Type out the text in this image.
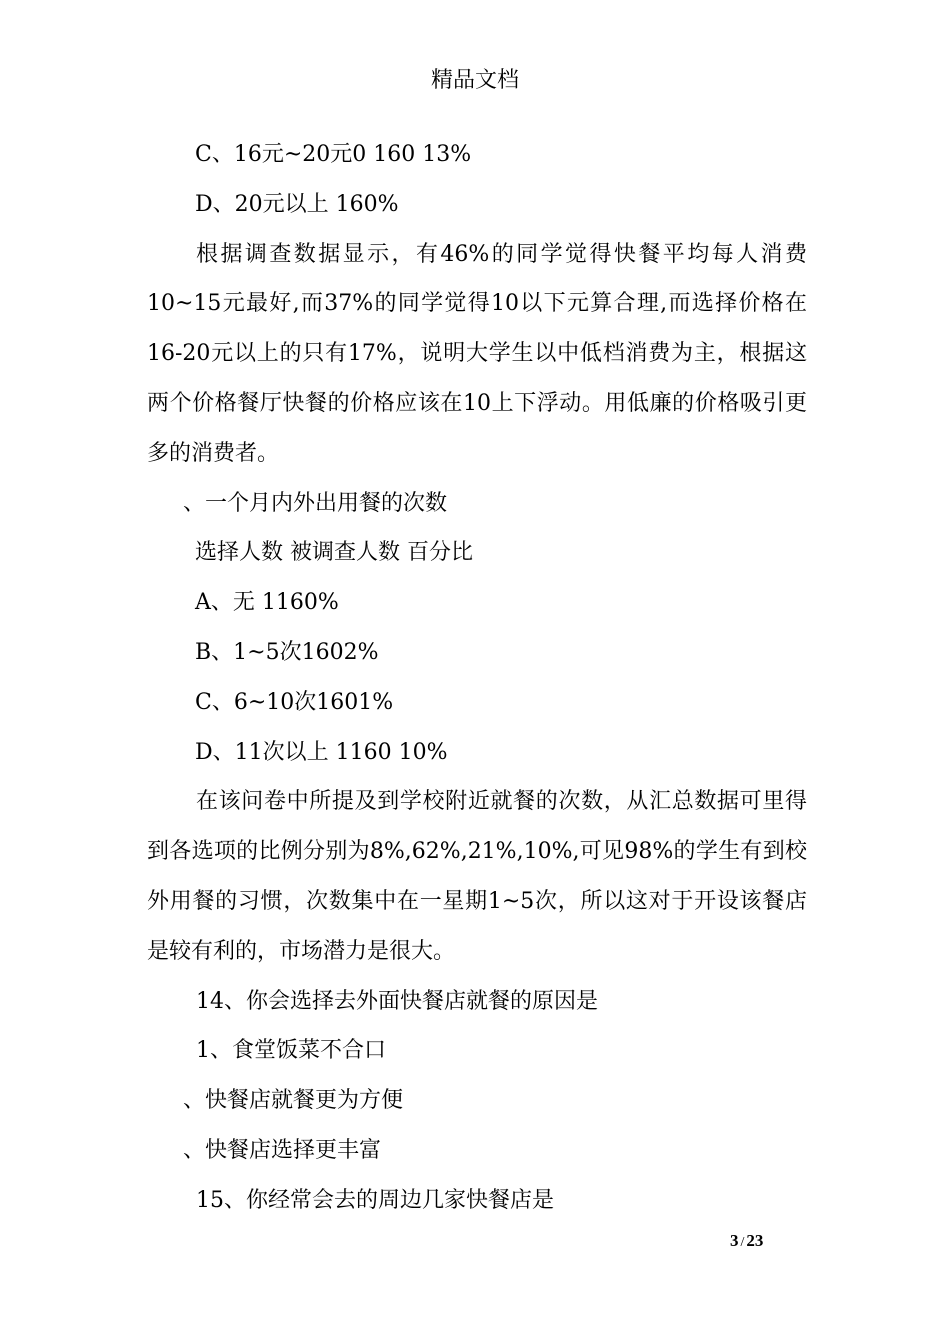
精品文档

C、16元~20元0 160 13%

D、20元以上 160%

根据调查数据显示，有46%的同学觉得快餐平均每人消费10~15元最好,而37%的同学觉得10以下元算合理,而选择价格在16-20元以上的只有17%，说明大学生以中低档消费为主，根据这两个价格餐厅快餐的价格应该在10上下浮动。用低廉的价格吸引更多的消费者。

、一个月内外出用餐的次数

选择人数 被调查人数 百分比

A、无 1160%

B、1~5次1602%

C、6~10次1601%

D、11次以上 1160 10%

在该问卷中所提及到学校附近就餐的次数，从汇总数据可里得到各选项的比例分别为8%,62%,21%,10%,可见98%的学生有到校外用餐的习惯，次数集中在一星期1~5次，所以这对于开设该餐店是较有利的，市场潜力是很大。

14、你会选择去外面快餐店就餐的原因是

1、食堂饭菜不合口

、快餐店就餐更为方便

、快餐店选择更丰富

15、你经常会去的周边几家快餐店是

3 / 23
